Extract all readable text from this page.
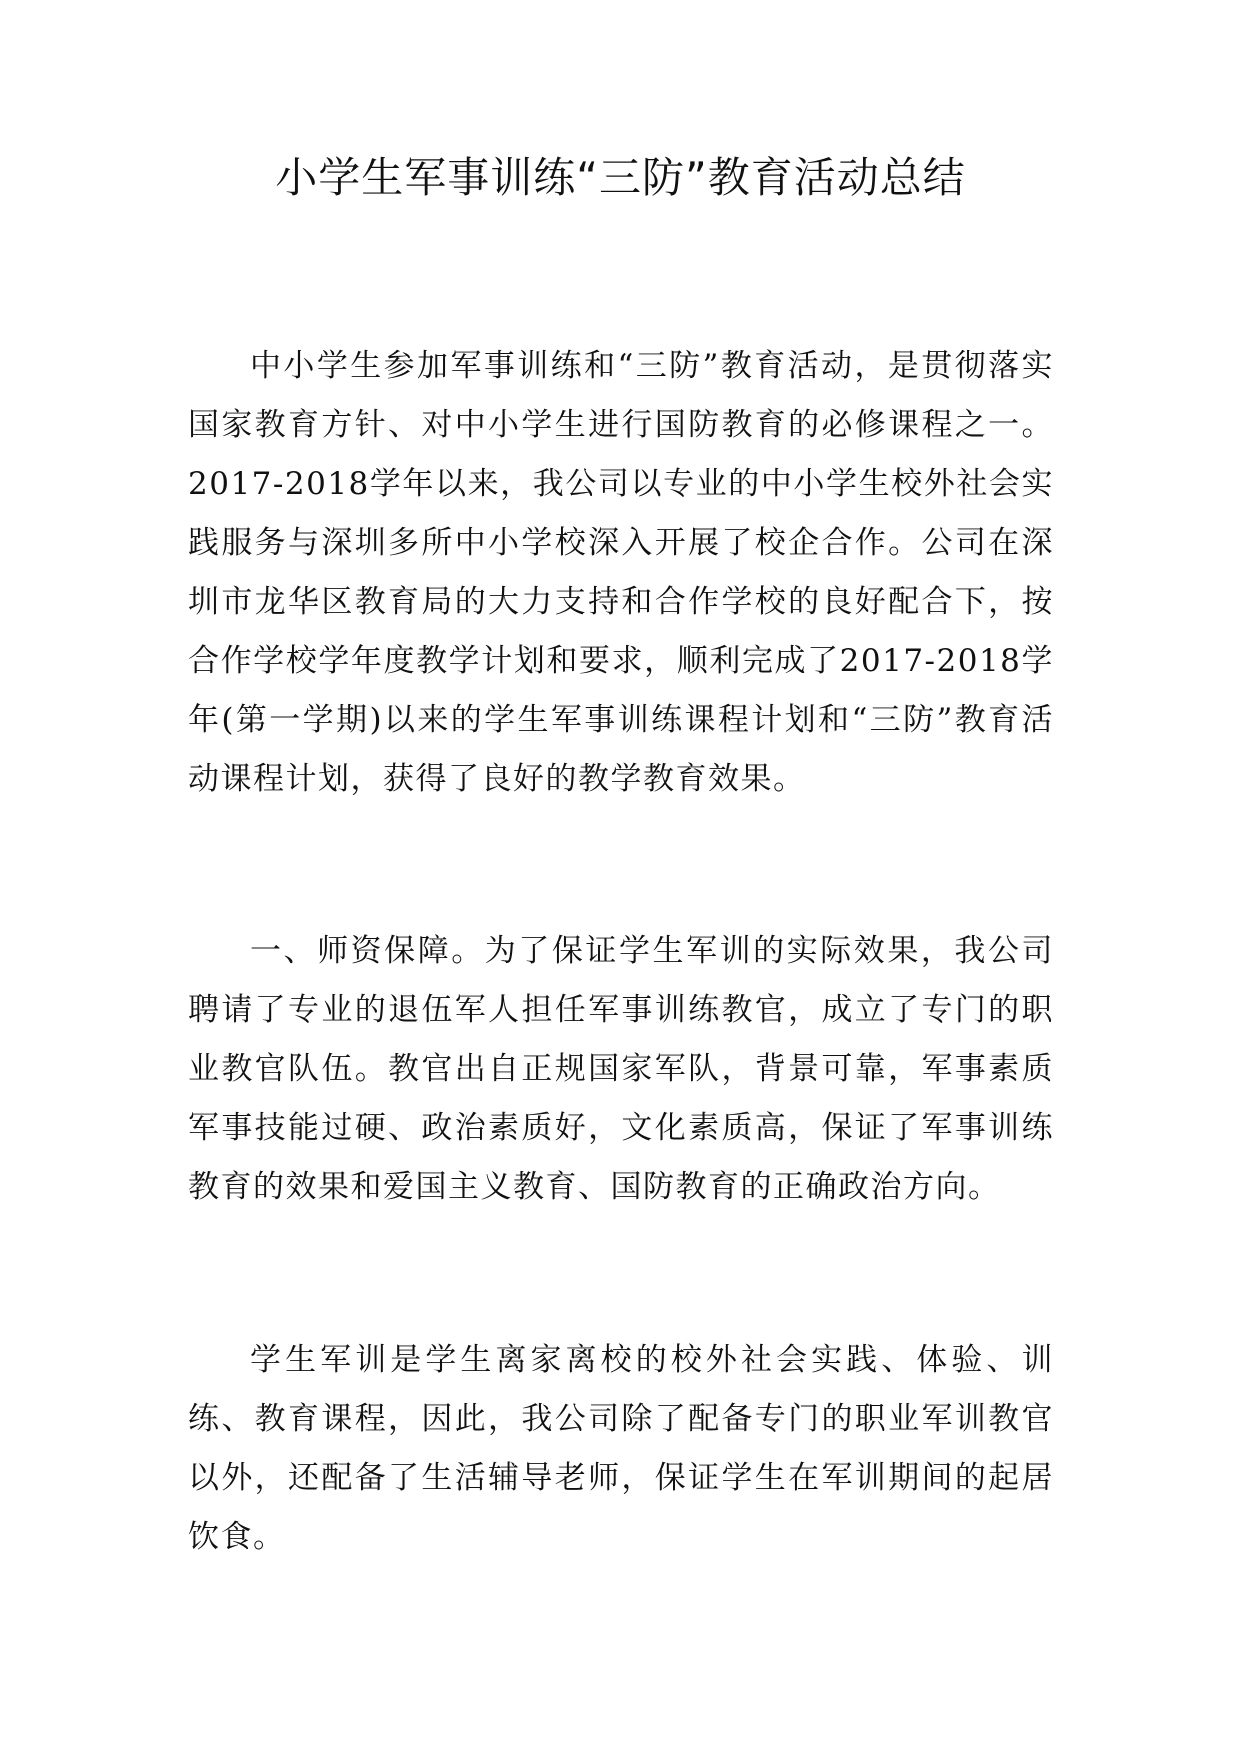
小学生军事训练“三防”教育活动总结

中小学生参加军事训练和“三防”教育活动，是贯彻落实国家教育方针、对中小学生进行国防教育的必修课程之一。2017-2018学年以来，我公司以专业的中小学生校外社会实践服务与深圳多所中小学校深入开展了校企合作。公司在深圳市龙华区教育局的大力支持和合作学校的良好配合下，按合作学校学年度教学计划和要求，顺利完成了2017-2018学年(第一学期)以来的学生军事训练课程计划和“三防”教育活动课程计划，获得了良好的教学教育效果。

一、师资保障。为了保证学生军训的实际效果，我公司聘请了专业的退伍军人担任军事训练教官，成立了专门的职业教官队伍。教官出自正规国家军队，背景可靠，军事素质军事技能过硬、政治素质好，文化素质高，保证了军事训练教育的效果和爱国主义教育、国防教育的正确政治方向。

学生军训是学生离家离校的校外社会实践、体验、训练、教育课程，因此，我公司除了配备专门的职业军训教官以外，还配备了生活辅导老师，保证学生在军训期间的起居饮食。
